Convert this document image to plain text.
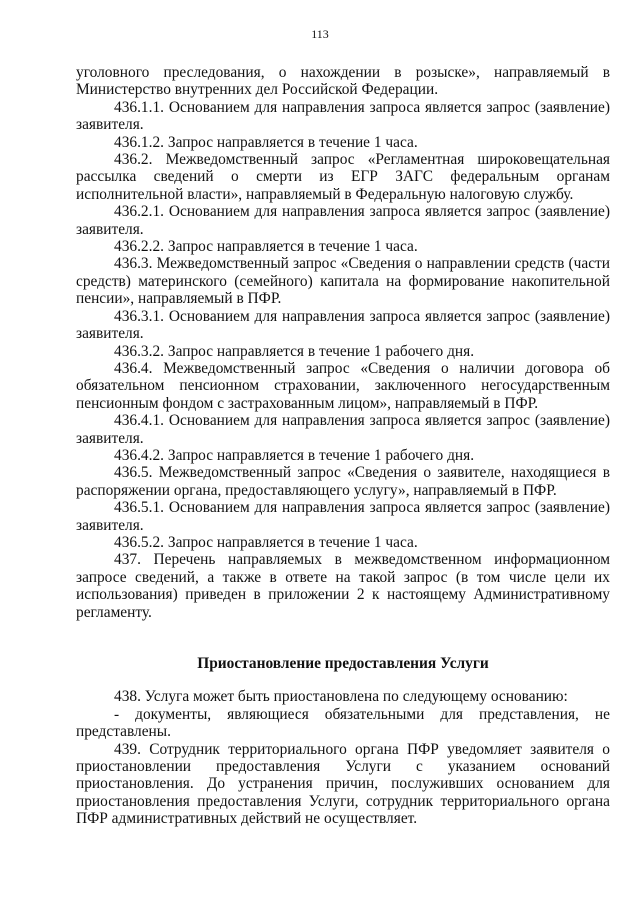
113

уголовного преследования, о нахождении в розыске», направляемый в Министерство внутренних дел Российской Федерации.

436.1.1. Основанием для направления запроса является запрос (заявление) заявителя.

436.1.2. Запрос направляется в течение 1 часа.

436.2. Межведомственный запрос «Регламентная широковещательная рассылка сведений о смерти из ЕГР ЗАГС федеральным органам исполнительной власти», направляемый в Федеральную налоговую службу.

436.2.1. Основанием для направления запроса является запрос (заявление) заявителя.

436.2.2. Запрос направляется в течение 1 часа.

436.3. Межведомственный запрос «Сведения о направлении средств (части средств) материнского (семейного) капитала на формирование накопительной пенсии», направляемый в ПФР.

436.3.1. Основанием для направления запроса является запрос (заявление) заявителя.

436.3.2. Запрос направляется в течение 1 рабочего дня.

436.4. Межведомственный запрос «Сведения о наличии договора об обязательном пенсионном страховании, заключенного негосударственным пенсионным фондом с застрахованным лицом», направляемый в ПФР.

436.4.1. Основанием для направления запроса является запрос (заявление) заявителя.

436.4.2. Запрос направляется в течение 1 рабочего дня.

436.5. Межведомственный запрос «Сведения о заявителе, находящиеся в распоряжении органа, предоставляющего услугу», направляемый в ПФР.

436.5.1. Основанием для направления запроса является запрос (заявление) заявителя.

436.5.2. Запрос направляется в течение 1 часа.

437. Перечень направляемых в межведомственном информационном запросе сведений, а также в ответе на такой запрос (в том числе цели их использования) приведен в приложении 2 к настоящему Административному регламенту.

Приостановление предоставления Услуги

438. Услуга может быть приостановлена по следующему основанию:

- документы, являющиеся обязательными для представления, не представлены.

439. Сотрудник территориального органа ПФР уведомляет заявителя о приостановлении предоставления Услуги с указанием оснований приостановления. До устранения причин, послуживших основанием для приостановления предоставления Услуги, сотрудник территориального органа ПФР административных действий не осуществляет.
